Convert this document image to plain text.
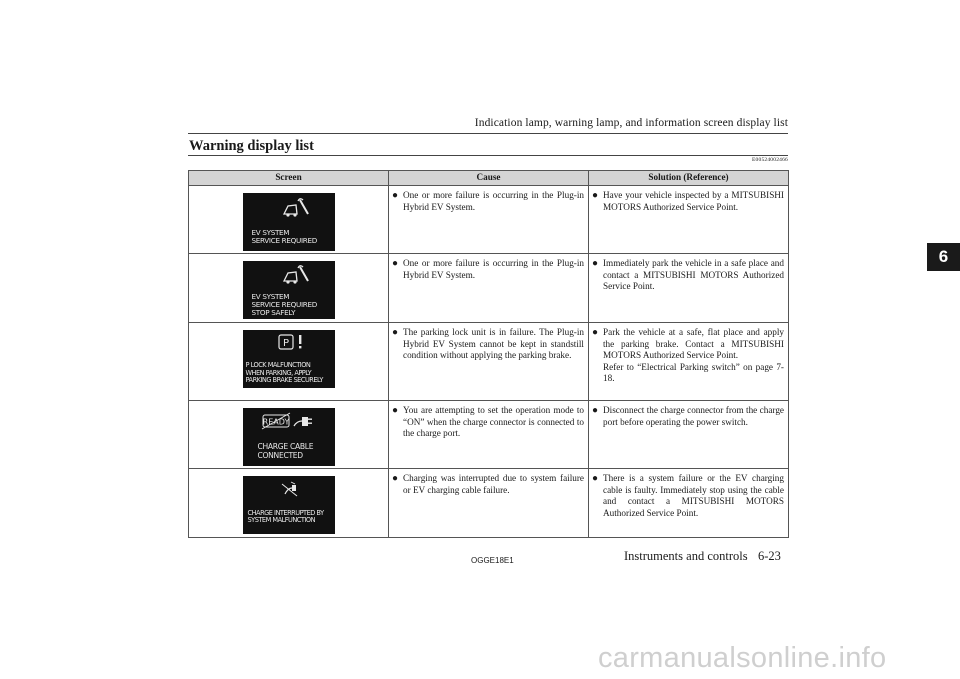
Indication lamp, warning lamp, and information screen display list
Warning display list
E00524002466
6
Screen	Cause	Solution (Reference)

EV SYSTEM
SERVICE REQUIRED	● One or more failure is occurring in the Plug-in Hybrid EV System.	● Have your vehicle inspected by a MITSUBISHI MOTORS Authorized Service Point.

EV SYSTEM
SERVICE REQUIRED
STOP SAFELY	● One or more failure is occurring in the Plug-in Hybrid EV System.	● Immediately park the vehicle in a safe place and contact a MITSUBISHI MOTORS Authorized Service Point.

P
P LOCK MALFUNCTION
WHEN PARKING, APPLY
PARKING BRAKE SECURELY	● The parking lock unit is in failure. The Plug-in Hybrid EV System cannot be kept in standstill condition without applying the parking brake.	● Park the vehicle at a safe, flat place and apply the parking brake. Contact a MITSUBISHI MOTORS Authorized Service Point.
Refer to “Electrical Parking switch” on page 7-18.

READY
CHARGE CABLE
CONNECTED	● You are attempting to set the operation mode to “ON” when the charge connector is connected to the charge port.	● Disconnect the charge connector from the charge port before operating the power switch.

CHARGE INTERRUPTED BY
SYSTEM MALFUNCTION	● Charging was interrupted due to system failure or EV charging cable failure.	● There is a system failure or the EV charging cable is faulty. Immediately stop using the cable and contact a MITSUBISHI MOTORS Authorized Service Point.
OGGE18E1	Instruments and controls 6-23
carmanualsonline.info
